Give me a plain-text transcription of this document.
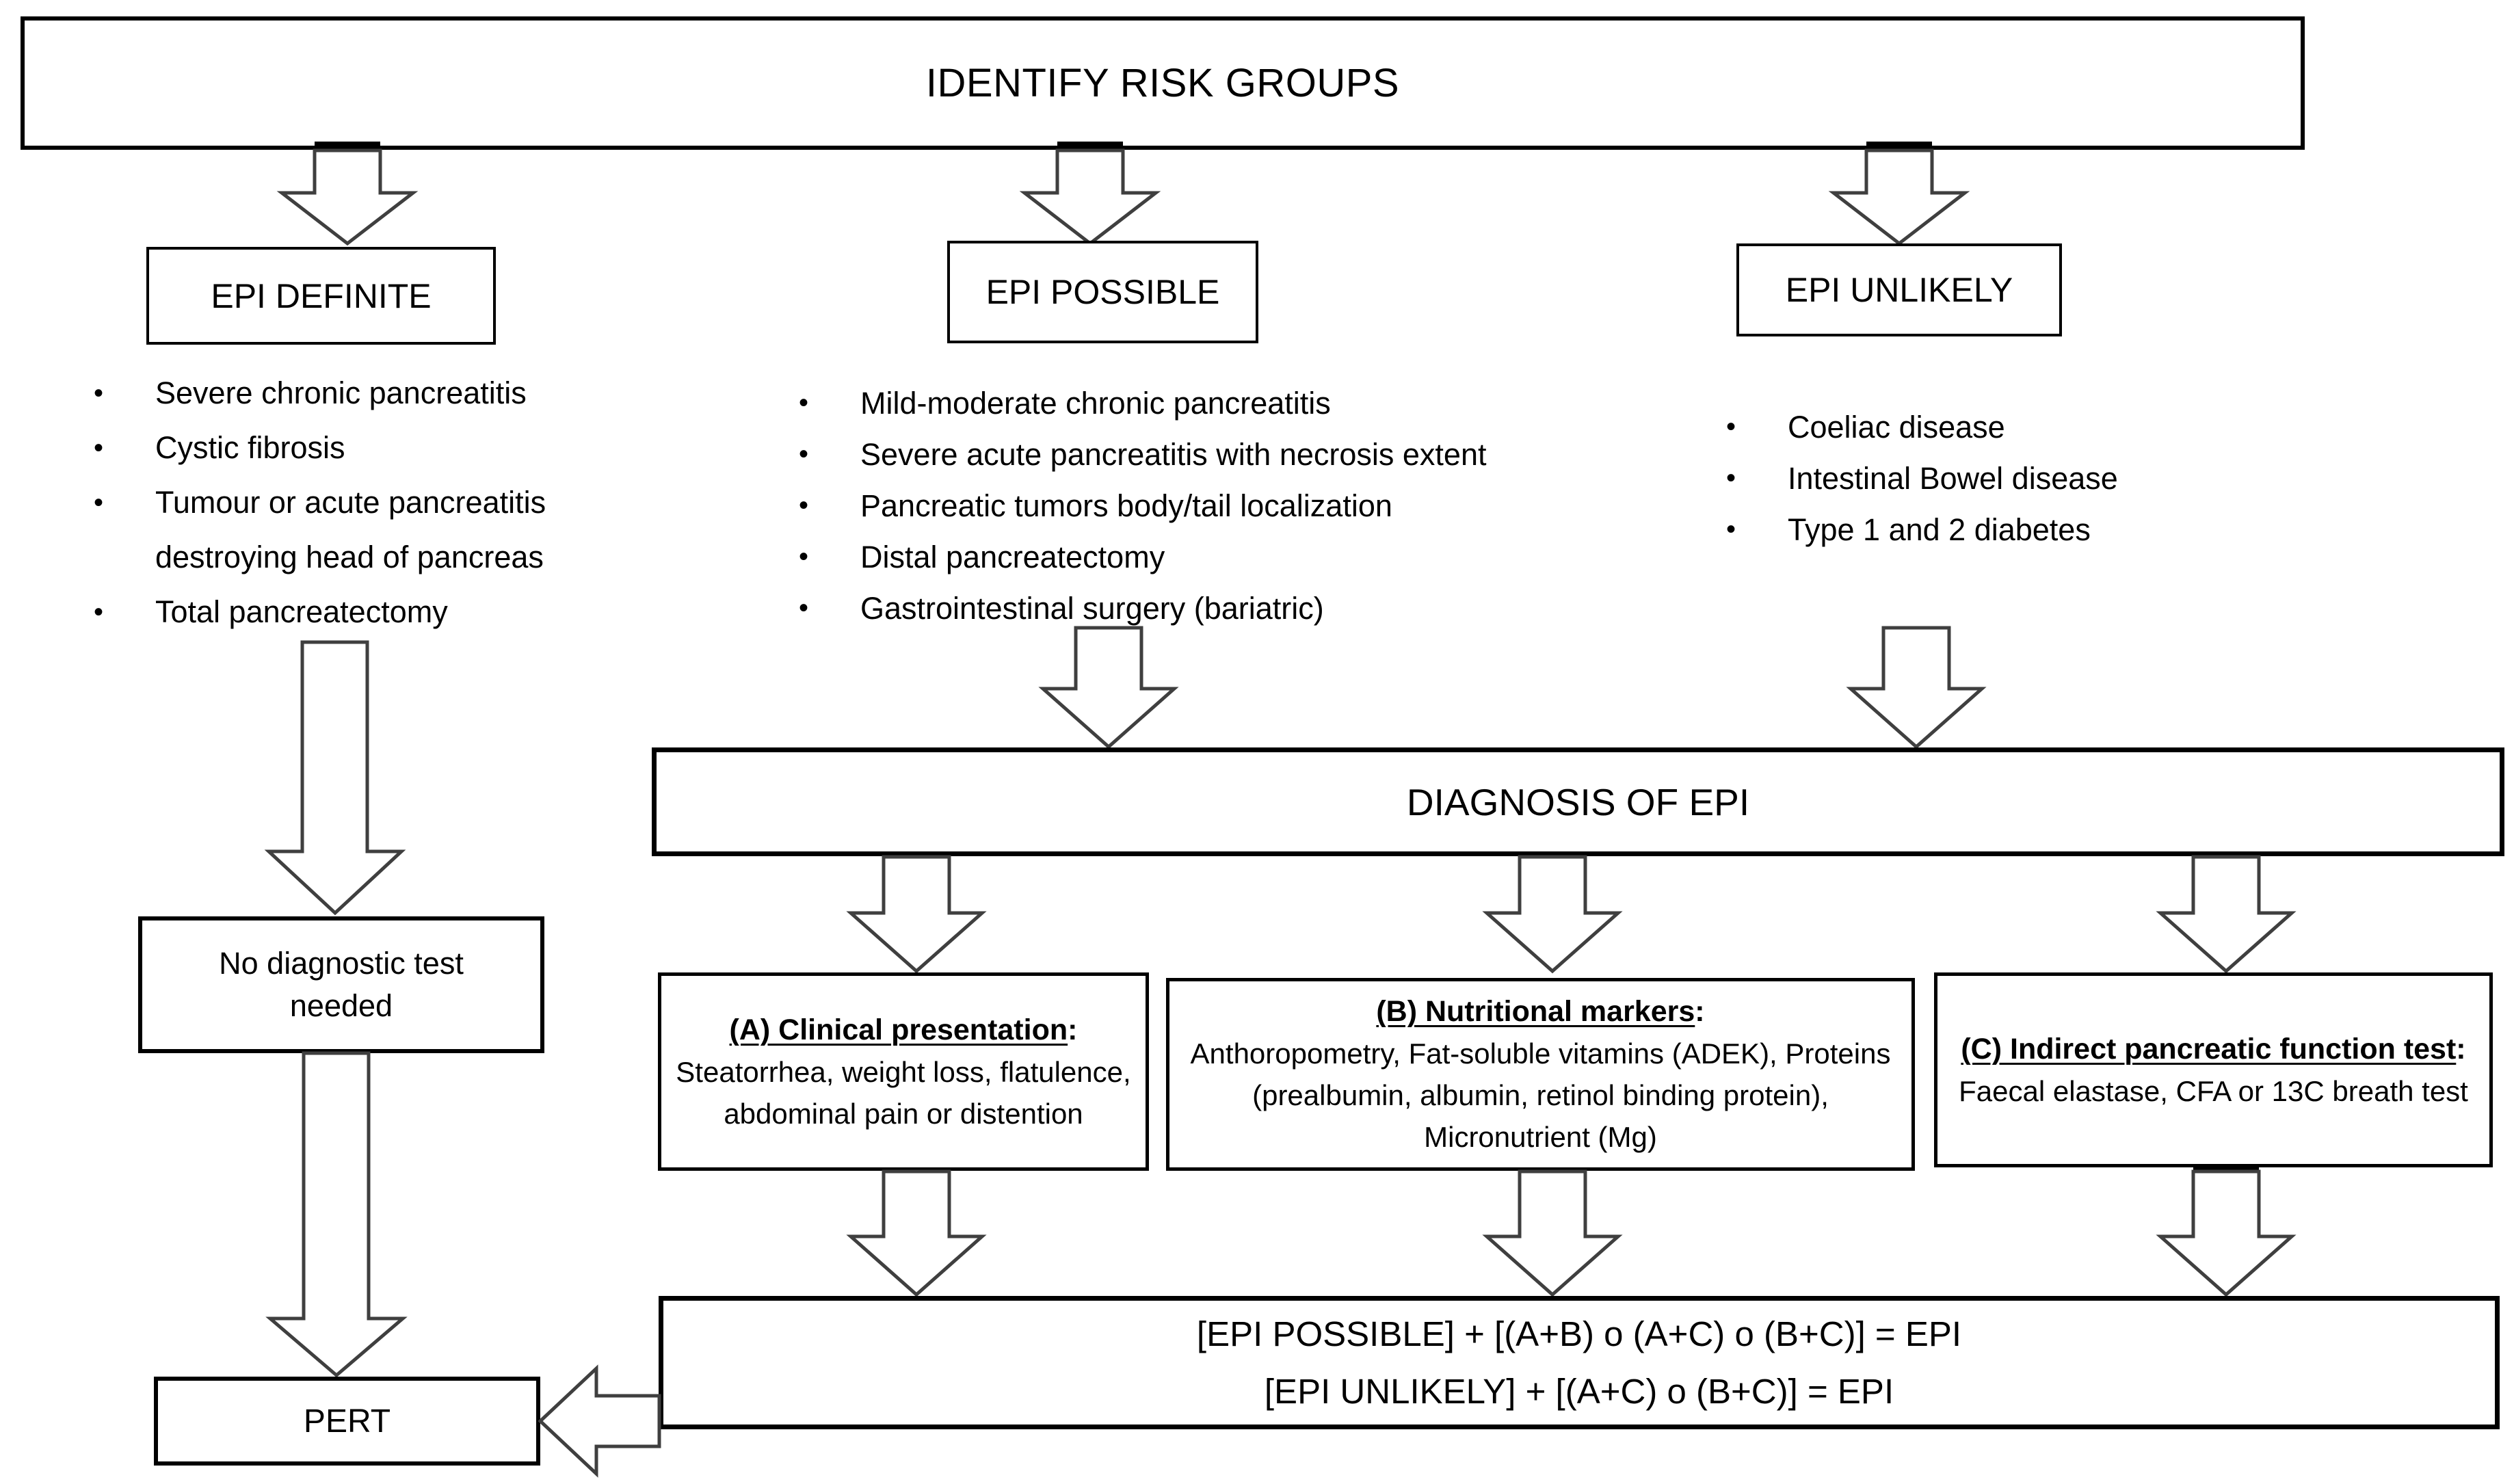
IDENTIFY RISK GROUPS
EPI DEFINITE	EPI POSSIBLE	EPI UNLIKELY
• Severe chronic pancreatitis
• Cystic fibrosis
• Tumour or acute pancreatitis destroying head of pancreas
• Total pancreatectomy
• Mild-moderate chronic pancreatitis
• Severe acute pancreatitis with necrosis extent
• Pancreatic tumors body/tail localization
• Distal pancreatectomy
• Gastrointestinal surgery (bariatric)
• Coeliac disease
• Intestinal Bowel disease
• Type 1 and 2 diabetes
DIAGNOSIS OF EPI
(A) Clinical presentation:
Steatorrhea, weight loss, flatulence, abdominal pain or distention
(B) Nutritional markers:
Anthoropometry, Fat-soluble vitamins (ADEK), Proteins (prealbumin, albumin, retinol binding protein), Micronutrient (Mg)
(C) Indirect pancreatic function test:
Faecal elastase, CFA or 13C breath test
No diagnostic test needed
[EPI POSSIBLE] + [(A+B) o (A+C) o (B+C)] = EPI
[EPI UNLIKELY] + [(A+C) o (B+C)] = EPI
PERT
